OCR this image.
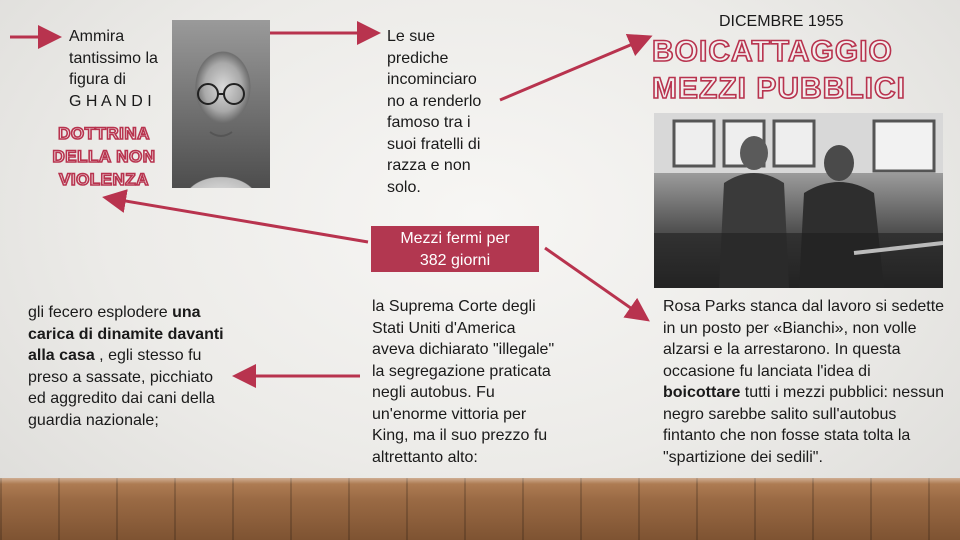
Ammira tantissimo la figura di
G H A N D I
DOTTRINA
DELLA NON
VIOLENZA
Le sue prediche incominciaro no a renderlo famoso tra i suoi fratelli di razza e non solo.
DICEMBRE 1955
BOICATTAGGIO
MEZZI PUBBLICI
Mezzi fermi per
382 giorni
gli fecero esplodere una carica di dinamite davanti alla casa , egli stesso fu preso a sassate, picchiato ed aggredito dai cani della guardia nazionale;
la Suprema Corte degli Stati Uniti d'America aveva dichiarato "illegale" la segregazione praticata negli autobus. Fu un'enorme vittoria per King, ma il suo prezzo fu altrettanto alto:
Rosa Parks stanca dal lavoro si sedette in un posto per «Bianchi», non volle alzarsi e la arrestarono. In questa occasione fu lanciata l'idea di boicottare tutti i mezzi pubblici: nessun negro sarebbe salito sull'autobus fintanto che non fosse stata tolta la "spartizione dei sedili".
